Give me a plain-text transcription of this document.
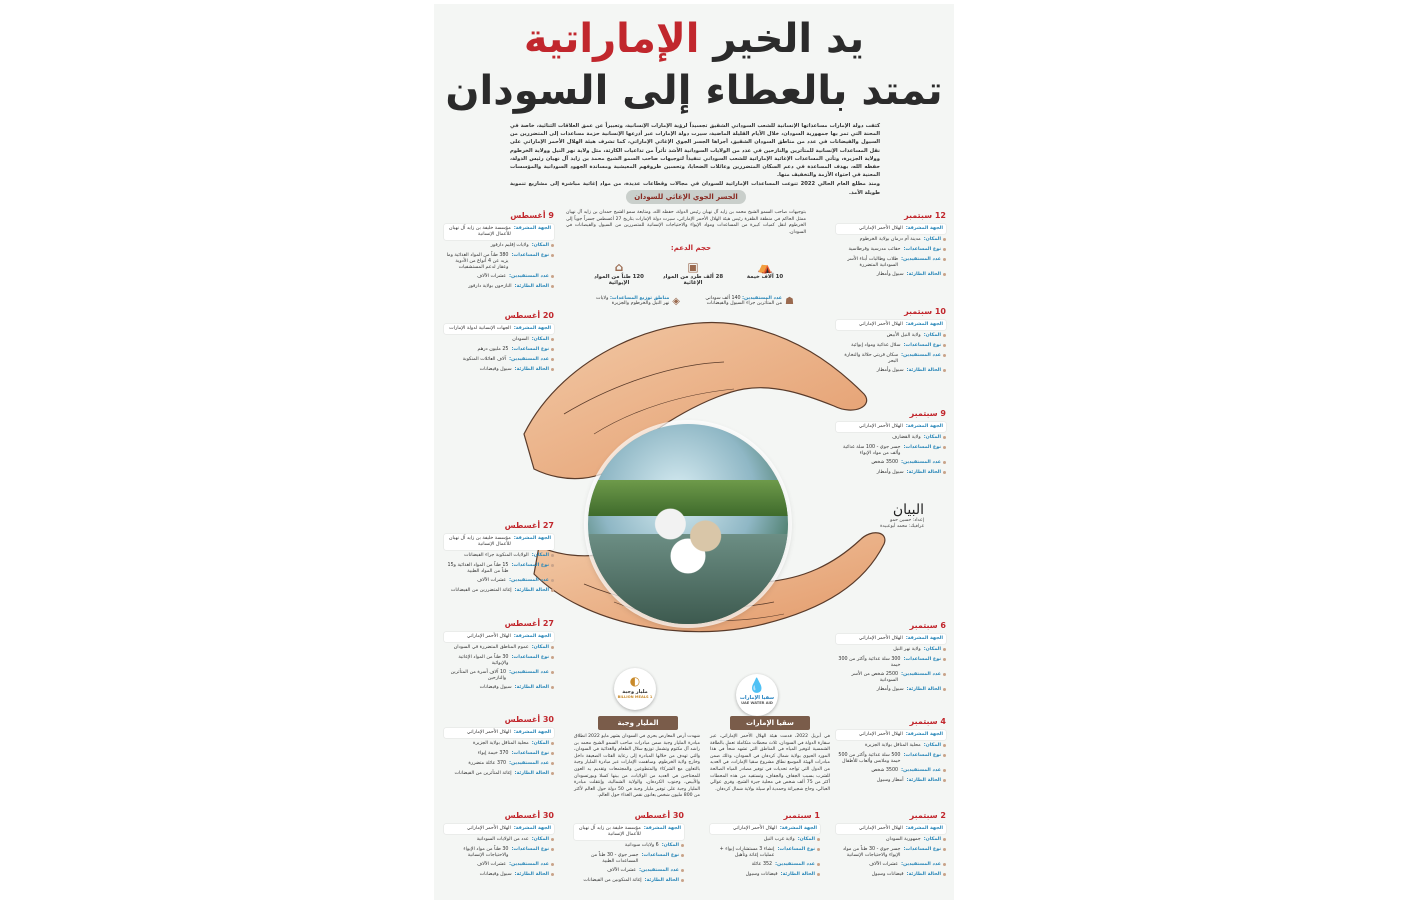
يد الخير الإماراتية
تمتد بالعطاء إلى السودان

كثفت دولة الإمارات مساعداتها الإنسانية للشعب السوداني الشقيق تجسيداً لرؤية الإمارات الإنسانية، وتعبيراً عن عمق العلاقات الثنائية، خاصة في المحنة التي تمر بها جمهورية السودان، خلال الأيام القليلة الماضية، سيرت دولة الإمارات عبر أذرعها الإنسانية حزمة مساعدات إلى المتضررين من السيول والفيضانات في عدد من مناطق السودان الشقيق، أجراها الجسر الجوي الإغاثي الإماراتي، كما تشرف هيئة الهلال الأحمر الإماراتي على نقل المساعدات الإنسانية للمتأثرين والنازحين في عدد من الولايات السودانية الأشد تأثراً من تداعيات الكارثة، مثل ولاية نهر النيل وولاية الخرطوم وولاية الجزيرة، وتأتي المساعدات الإغاثية الإماراتية للشعب السوداني تنفيذاً لتوجيهات صاحب السمو الشيخ محمد بن زايد آل نهيان رئيس الدولة، حفظه الله، بهدف المساعدة في دعم السكان المتضررين وعائلات الضحايا، وتحسين ظروفهم المعيشية ومساندة الجهود السودانية والمؤسسات المعنية في احتواء الأزمة والتخفيف منها.

ومنذ مطلع العام الحالي 2022 تنوعت المساعدات الإماراتية للسودان في مجالات وقطاعات عديدة، من مواد إغاثية مباشرة إلى مشاريع تنموية طويلة الأمد.

الجسر الجوي الإغاثي للسودان
بتوجيهات صاحب السمو الشيخ محمد بن زايد آل نهيان رئيس الدولة، حفظه الله، ومتابعة سمو الشيخ حمدان بن زايد آل نهيان ممثل الحاكم في منطقة الظفرة رئيس هيئة الهلال الأحمر الإماراتي، سيرت دولة الإمارات بتاريخ 27 أغسطس جسراً جوياً إلى الخرطوم لنقل كميات كبيرة من المساعدات ومواد الإيواء والاحتياجات الإنسانية للمتضررين من السيول والفيضانات في السودان.
حجم الدعم:
⛺
10 آلاف خيمة
▣
28 ألف طرد من المواد الإغاثية
⌂
120 طناً من المواد الإيوائية
☗
عدد المستفيدين: 140 ألف سوداني من المتأثرين جراء السيول والفيضانات
◈
مناطق توزيع المساعدات: ولايات نهر النيل والخرطوم والجزيرة
البيان
إعداد: حسين حمو
غرافيك: محمد أبوعبيدة
💧
سقيا الإمارات
UAE WATER AID
◐
مليار وجبة
1 BILLION MEALS
سقيا الإمارات
المليار وجبة
في أبريل 2022، قدمت هيئة الهلال الأحمر الإماراتي، عبر سفارة الدولة في السودان، ثلاث محطات متكاملة تعمل بالطاقة الشمسية لتوفير المياه في المناطق التي تشهد شحاً في هذا المورد الحيوي بولاية شمال كردفان في السودان، وذلك ضمن مبادرات الهيئة الموسع نطاق مشروع سقيا الإمارات، في العديد من الدول التي تواجه تحديات في توفير مصادر المياه الصالحة للشرب بسبب الجفاف والجفاف، وتستفيد من هذه المحطات أكثر من 75 ألف شخص في محلية جبرة الشيخ، وقرى عوالي العبالي، وحاج شجيراتة وحمدية أم سيلة بولاية شمال كردفان.
شهدت أرض المعارض بحري في السودان بشهر مايو 2022 انطلاق مبادرة المليار وجبة ضمن مبادرات صاحب السمو الشيخ محمد بن راشد آل مكتوم وتشمل توزيع سلال الطعام والغذائية في السودان، والتي تهدف من خلالها المبادرة إلى رعاية الفئات الضعيفة داخل وخارج ولاية الخرطوم. وساهمت الإمارات عبر مبادرة المليار وجبة بالتعاون مع الشركاء والمتطوعين والمجتمعات وتقديم يد العون للمحتاجين في العديد من الولايات، من بينها كسلا وبورتسودان والأبيض، وجنوب الكردفان، والولاية الشمالية، وإنتقلت مبادرة المليار وجبة على توفير مليار وجبة في 50 دولة حول العالم لأكثر من 800 مليون شخص يعانون نقص الغذاء حول العالم.
9 أغسطس
الجهة المشرفة:
مؤسسة خليفة بن زايد آل نهيان للأعمال الإنسانية
المكان:
ولايات إقليم دارفور
نوع المساعدات:
380 طناً من المواد الغذائية وما يزيد عن 4 أنواع من الأدوية وعقار لدعم المستشفيات
عدد المستفيدين:
عشرات الآلاف
الحالة الطارئة:
النازحون بولاية دارفور
20 أغسطس
الجهة المشرفة:
الجهات الإنسانية لدولة الإمارات
المكان:
السودان
نوع المساعدات:
25 مليون درهم
عدد المستفيدين:
آلاف العائلات المنكوبة
الحالة الطارئة:
سيول وفيضانات
27 أغسطس
الجهة المشرفة:
مؤسسة خليفة بن زايد آل نهيان للأعمال الإنسانية
المكان:
الولايات المنكوبة جراء الفيضانات
نوع المساعدات:
15 طناً من المواد الغذائية و15 طناً من المواد الطبية
عدد المستفيدين:
عشرات الآلاف
الحالة الطارئة:
إغاثة المتضررين من الفيضانات
27 أغسطس
الجهة المشرفة:
الهلال الأحمر الإماراتي
المكان:
عموم المناطق المتضررة في السودان
نوع المساعدات:
30 طناً من المواد الإغاثية والإيوائية
عدد المستفيدين:
10 آلاف أسرة من المتأثرين والنازحين
الحالة الطارئة:
سيول وفيضانات
30 أغسطس
الجهة المشرفة:
الهلال الأحمر الإماراتي
المكان:
محلية المناقل بولاية الجزيرة
نوع المساعدات:
370 خيمة إيواء
عدد المستفيدين:
370 عائلة متضررة
الحالة الطارئة:
إغاثة المتأثرين من الفيضانات
12 سبتمبر
الجهة المشرفة:
الهلال الأحمر الإماراتي
المكان:
مدينة أم درمان بولاية الخرطوم
نوع المساعدات:
حقائب مدرسية وقرطاسية
عدد المستفيدين:
طلاب وطالبات أبناء الأسر السودانية المتضررة
الحالة الطارئة:
سيول وأمطار
10 سبتمبر
الجهة المشرفة:
الهلال الأحمر الإماراتي
المكان:
ولاية النيل الأبيض
نوع المساعدات:
سلال غذائية ومواد إيوائية
عدد المستفيدين:
سكان قريتي حلالة والنخارة البحر
الحالة الطارئة:
سيول وأمطار
9 سبتمبر
الجهة المشرفة:
الهلال الأحمر الإماراتي
المكان:
ولاية القضارف
نوع المساعدات:
جسر جوي - 100 سلة غذائية وألف من مواد الإيواء
عدد المستفيدين:
3500 شخص
الحالة الطارئة:
سيول وأمطار
6 سبتمبر
الجهة المشرفة:
الهلال الأحمر الإماراتي
المكان:
ولاية نهر النيل
نوع المساعدات:
300 سلة غذائية وأكثر من 300 خيمة
عدد المستفيدين:
2500 شخص من الأسر السودانية
الحالة الطارئة:
سيول وأمطار
4 سبتمبر
الجهة المشرفة:
الهلال الأحمر الإماراتي
المكان:
محلية المناقل بولاية الجزيرة
نوع المساعدات:
500 سلة غذائية وأكثر من 500 خيمة وملابس وألعاب للأطفال
عدد المستفيدين:
3500 شخص
الحالة الطارئة:
أمطار وسيول
2 سبتمبر
الجهة المشرفة:
الهلال الأحمر الإماراتي
المكان:
جمهورية السودان
نوع المساعدات:
جسر جوي - 30 طناً من مواد الإيواء والاحتياجات الإنسانية
عدد المستفيدين:
عشرات الآلاف
الحالة الطارئة:
فيضانات وسيول
1 سبتمبر
الجهة المشرفة:
الهلال الأحمر الإماراتي
المكان:
ولاية غرب النيل
نوع المساعدات:
إنشاء 3 مستشارات إيواء + عمليات إغاثة وتأهيل
عدد المستفيدين:
352 عائلة
الحالة الطارئة:
فيضانات وسيول
30 أغسطس
الجهة المشرفة:
مؤسسة خليفة بن زايد آل نهيان للأعمال الإنسانية
المكان:
6 ولايات سودانية
نوع المساعدات:
جسر جوي - 30 طناً من المساعدات الطبية
عدد المستفيدين:
عشرات الآلاف
الحالة الطارئة:
إغاثة المنكوبين من الفيضانات
30 أغسطس
الجهة المشرفة:
الهلال الأحمر الإماراتي
المكان:
عدد من الولايات السودانية
نوع المساعدات:
30 طناً من مواد الإيواء والاحتياجات الإنسانية
عدد المستفيدين:
عشرات الآلاف
الحالة الطارئة:
سيول وفيضانات
